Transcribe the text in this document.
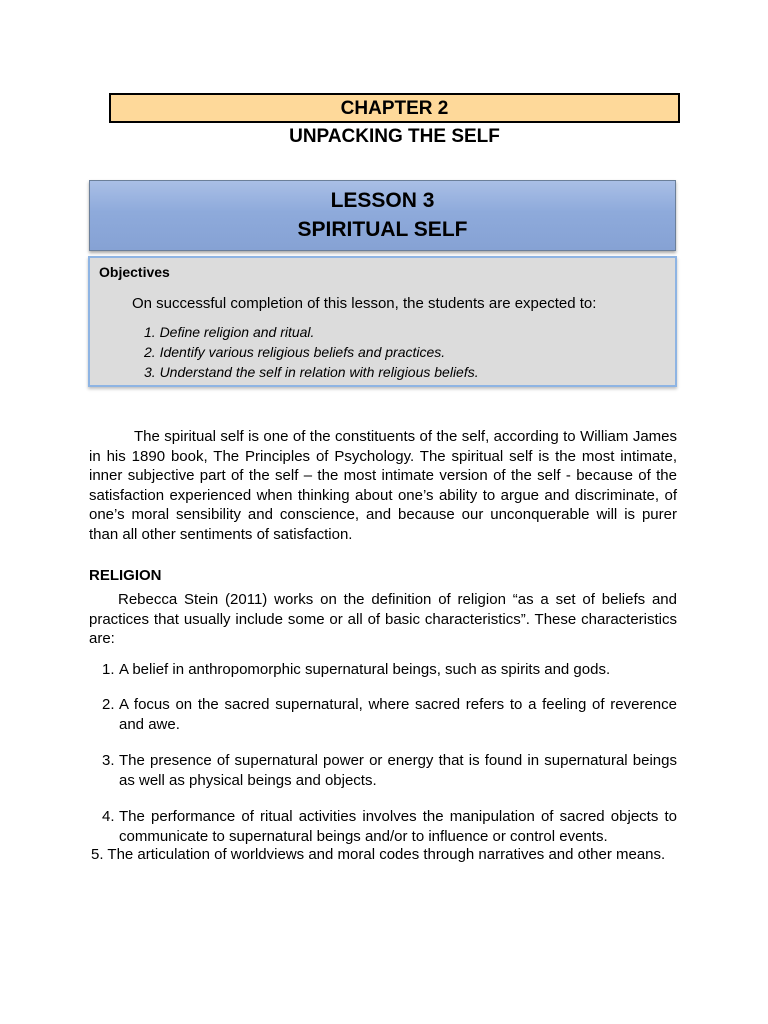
CHAPTER 2
UNPACKING THE SELF
LESSON 3
SPIRITUAL SELF
Objectives
On successful completion of this lesson, the students are expected to:
1. Define religion and ritual.
2. Identify various religious beliefs and practices.
3. Understand the self in relation with religious beliefs.
The spiritual self is one of the constituents of the self, according to William James in his 1890 book, The Principles of Psychology. The spiritual self is the most intimate, inner subjective part of the self – the most intimate version of the self - because of the satisfaction experienced when thinking about one’s ability to argue and discriminate, of one’s moral sensibility and conscience, and because our unconquerable will is purer than all other sentiments of satisfaction.
RELIGION
Rebecca Stein (2011) works on the definition of religion “as a set of beliefs and practices that usually include some or all of basic characteristics”. These characteristics are:
1. A belief in anthropomorphic supernatural beings, such as spirits and gods.
2. A focus on the sacred supernatural, where sacred refers to a feeling of reverence and awe.
3. The presence of supernatural power or energy that is found in supernatural beings as well as physical beings and objects.
4. The performance of ritual activities involves the manipulation of sacred objects to communicate to supernatural beings and/or to influence or control events.
5. The articulation of worldviews and moral codes through narratives and other means.
